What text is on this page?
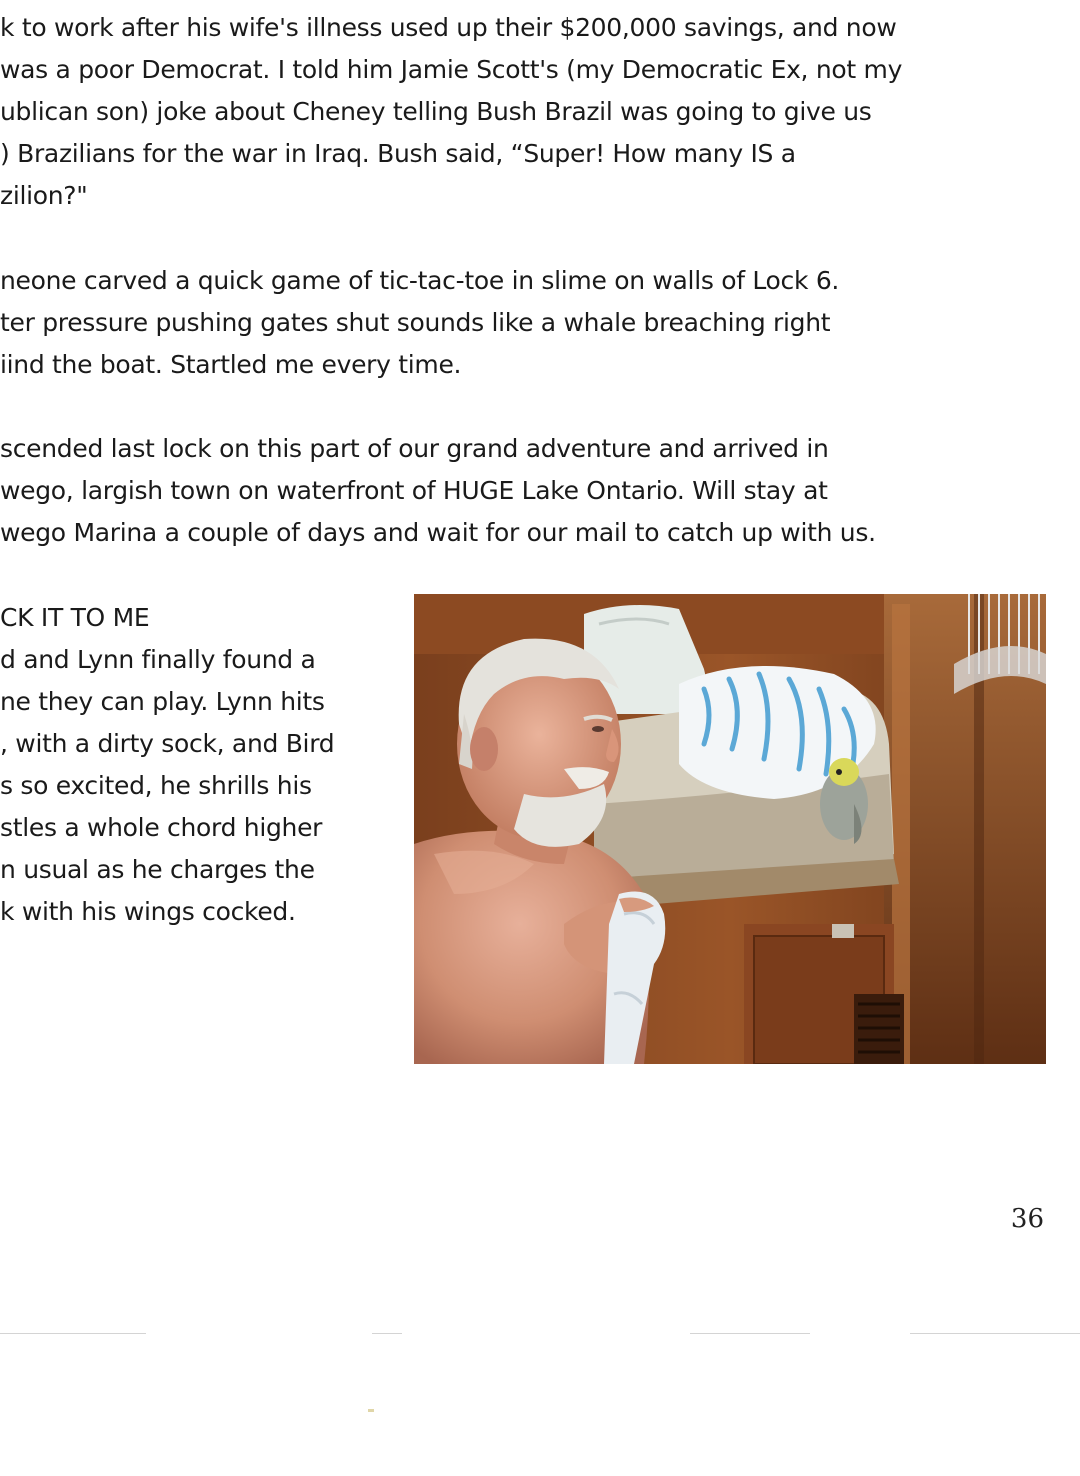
k to work after his wife's illness used up their $200,000 savings, and now
was a poor Democrat. I told him Jamie Scott's (my Democratic Ex, not my
ublican son) joke about Cheney telling Bush Brazil was going to give us
) Brazilians for the war in Iraq. Bush said, “Super! How many IS a
zilion?"
neone carved a quick game of tic-tac-toe in slime on walls of Lock 6.
ter pressure pushing gates shut sounds like a whale breaching right
iind the boat. Startled me every time.
scended last lock on this part of our grand adventure and arrived in
wego, largish town on waterfront of HUGE Lake Ontario. Will stay at
wego Marina a couple of days and wait for our mail to catch up with us.
CK IT TO ME
d and Lynn finally found a
ne they can play. Lynn hits
, with a dirty sock, and Bird
s so excited, he shrills his
stles a whole chord higher
n usual as he charges the
k with his wings cocked.

36
